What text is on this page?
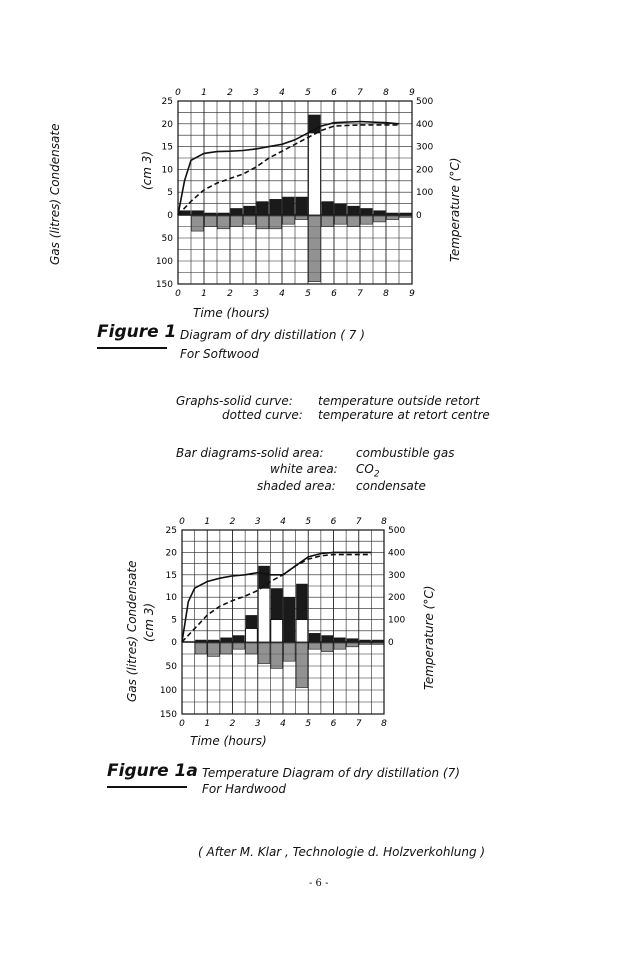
0 1 2 3 4 5 6 7 8 9
0 1 2 3 4 5 6 7 8 9
25
20
15
10
5
0
50
100
150
500
400
300
200
100
0
Gas (litres) Condensate	(cm 3)	Temperature (°C)
Time (hours)
Figure 1 Diagram of dry distillation ( 7 )
For Softwood
Graphs-solid curve: temperature outside retort
dotted curve: temperature at retort centre
Bar diagrams-solid area:	combustible gas
white area: $CO_2$
shaded area: condensate
0 1 2 3 4 5 6 7 8
0 1 2 3 4 5 6 7 8
25
20
15
10
5
0
50
100
150
500
400
300
200
100
0
Gas (litres) Condensate (cm 3)	Temperature (°C)
Time (hours)
Figure 1a Temperature Diagram of dry distillation (7)
For Hardwood
( After M. Klar , Technologie d. Holzverkohlung )
- 6 -
